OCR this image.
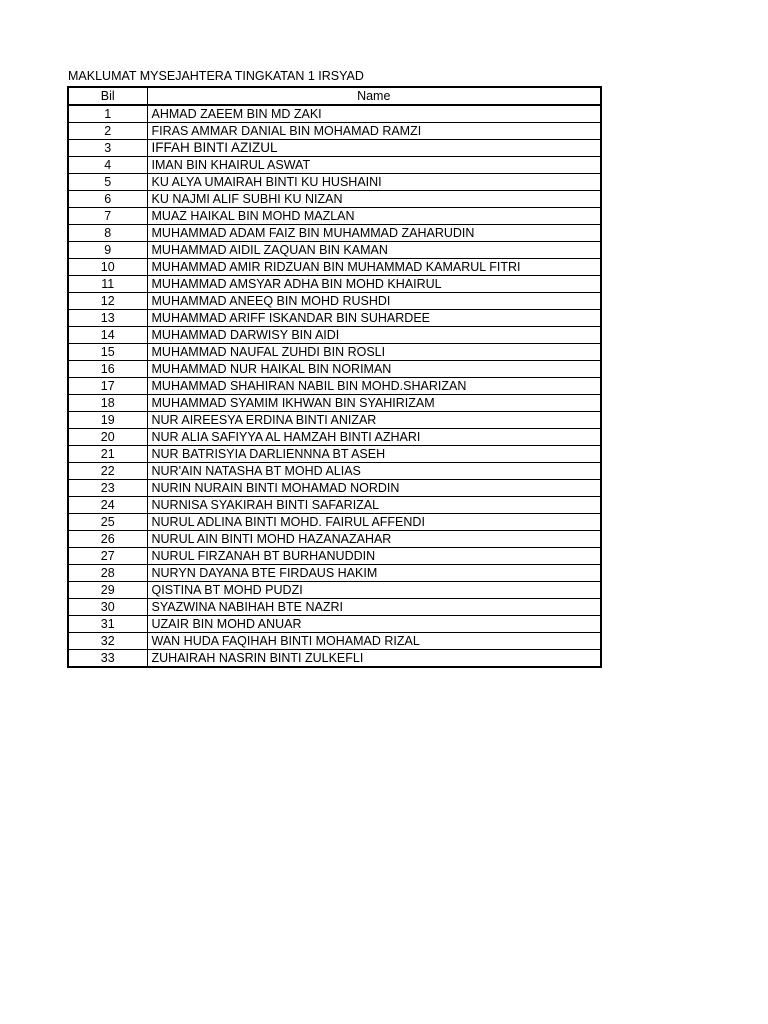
MAKLUMAT MYSEJAHTERA TINGKATAN 1 IRSYAD
Bil	Name
1	AHMAD ZAEEM BIN MD ZAKI
2	FIRAS AMMAR DANIAL BIN MOHAMAD RAMZI
3	IFFAH BINTI AZIZUL
4	IMAN BIN KHAIRUL ASWAT
5	KU ALYA UMAIRAH BINTI KU HUSHAINI
6	KU NAJMI ALIF SUBHI KU NIZAN
7	MUAZ HAIKAL BIN MOHD MAZLAN
8	MUHAMMAD ADAM FAIZ BIN MUHAMMAD ZAHARUDIN
9	MUHAMMAD AIDIL ZAQUAN BIN KAMAN
10	MUHAMMAD AMIR RIDZUAN BIN MUHAMMAD KAMARUL FITRI
11	MUHAMMAD AMSYAR ADHA BIN MOHD KHAIRUL
12	MUHAMMAD ANEEQ BIN MOHD RUSHDI
13	MUHAMMAD ARIFF ISKANDAR BIN SUHARDEE
14	MUHAMMAD DARWISY BIN AIDI
15	MUHAMMAD NAUFAL ZUHDI BIN ROSLI
16	MUHAMMAD NUR HAIKAL BIN NORIMAN
17	MUHAMMAD SHAHIRAN NABIL BIN MOHD.SHARIZAN
18	MUHAMMAD SYAMIM IKHWAN BIN SYAHIRIZAM
19	NUR AIREESYA ERDINA BINTI ANIZAR
20	NUR ALIA SAFIYYA AL HAMZAH BINTI AZHARI
21	NUR BATRISYIA DARLIENNNA BT ASEH
22	NUR'AIN NATASHA BT MOHD ALIAS
23	NURIN NURAIN BINTI MOHAMAD NORDIN
24	NURNISA SYAKIRAH BINTI SAFARIZAL
25	NURUL ADLINA BINTI MOHD. FAIRUL AFFENDI
26	NURUL AIN BINTI MOHD HAZANAZAHAR
27	NURUL FIRZANAH BT BURHANUDDIN
28	NURYN DAYANA BTE FIRDAUS HAKIM
29	QISTINA BT MOHD PUDZI
30	SYAZWINA NABIHAH BTE NAZRI
31	UZAIR BIN MOHD ANUAR
32	WAN HUDA FAQIHAH BINTI MOHAMAD RIZAL
33	ZUHAIRAH NASRIN BINTI ZULKEFLI
